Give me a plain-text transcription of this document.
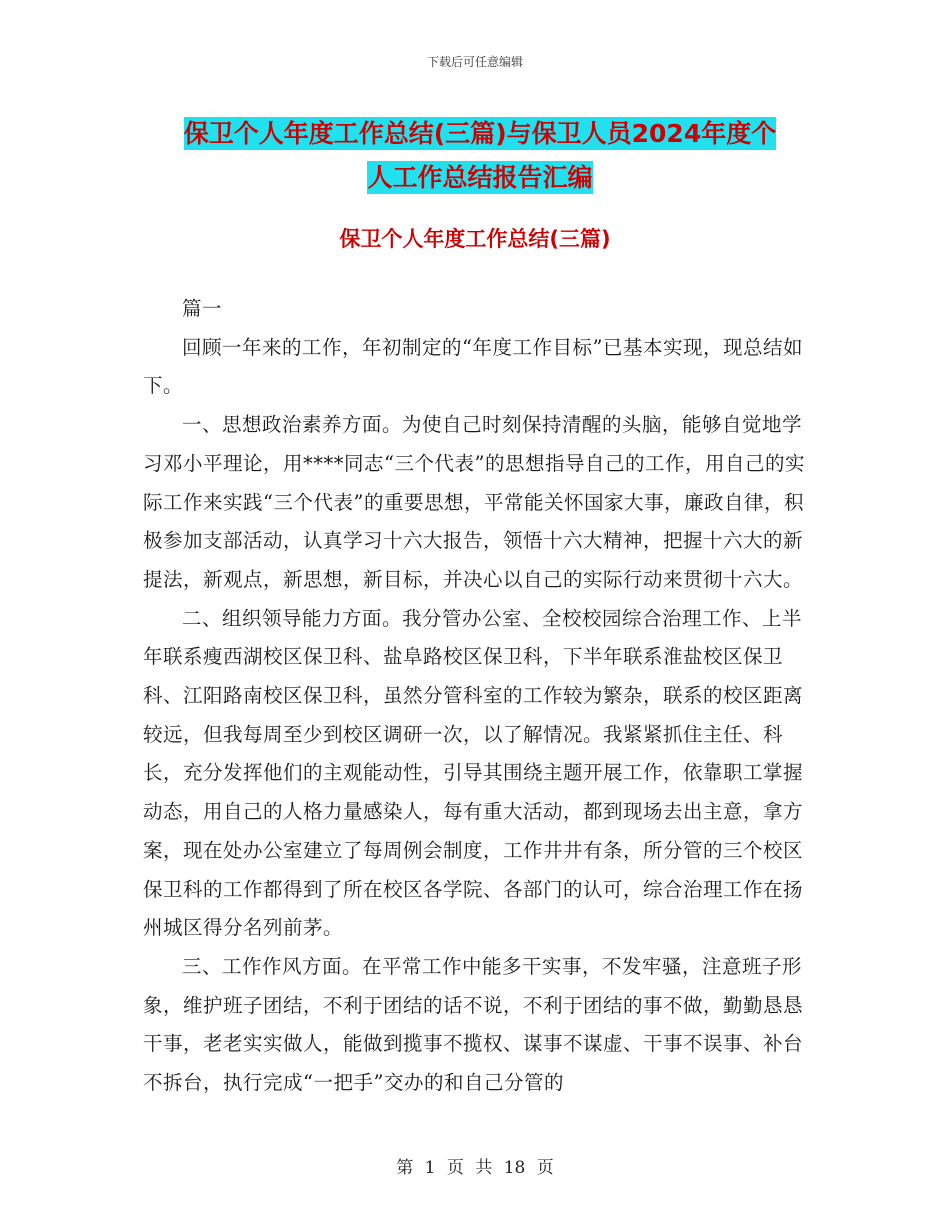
下载后可任意编辑
保卫个人年度工作总结(三篇)与保卫人员2024年度个
人工作总结报告汇编
保卫个人年度工作总结(三篇)

篇一

回顾一年来的工作，年初制定的“年度工作目标”已基本实现，现总结如下。

一、思想政治素养方面。为使自己时刻保持清醒的头脑，能够自觉地学习邓小平理论，用****同志“三个代表”的思想指导自己的工作，用自己的实际工作来实践“三个代表”的重要思想，平常能关怀国家大事，廉政自律，积极参加支部活动，认真学习十六大报告，领悟十六大精神，把握十六大的新提法，新观点，新思想，新目标，并决心以自己的实际行动来贯彻十六大。

二、组织领导能力方面。我分管办公室、全校校园综合治理工作、上半年联系瘦西湖校区保卫科、盐阜路校区保卫科，下半年联系淮盐校区保卫科、江阳路南校区保卫科，虽然分管科室的工作较为繁杂，联系的校区距离较远，但我每周至少到校区调研一次，以了解情况。我紧紧抓住主任、科长，充分发挥他们的主观能动性，引导其围绕主题开展工作，依靠职工掌握动态，用自己的人格力量感染人，每有重大活动，都到现场去出主意，拿方案，现在处办公室建立了每周例会制度，工作井井有条，所分管的三个校区保卫科的工作都得到了所在校区各学院、各部门的认可，综合治理工作在扬州城区得分名列前茅。

三、工作作风方面。在平常工作中能多干实事，不发牢骚，注意班子形象，维护班子团结，不利于团结的话不说，不利于团结的事不做，勤勤恳恳干事，老老实实做人，能做到揽事不揽权、谋事不谋虚、干事不误事、补台不拆台，执行完成“一把手”交办的和自己分管的

第 1 页 共 18 页
